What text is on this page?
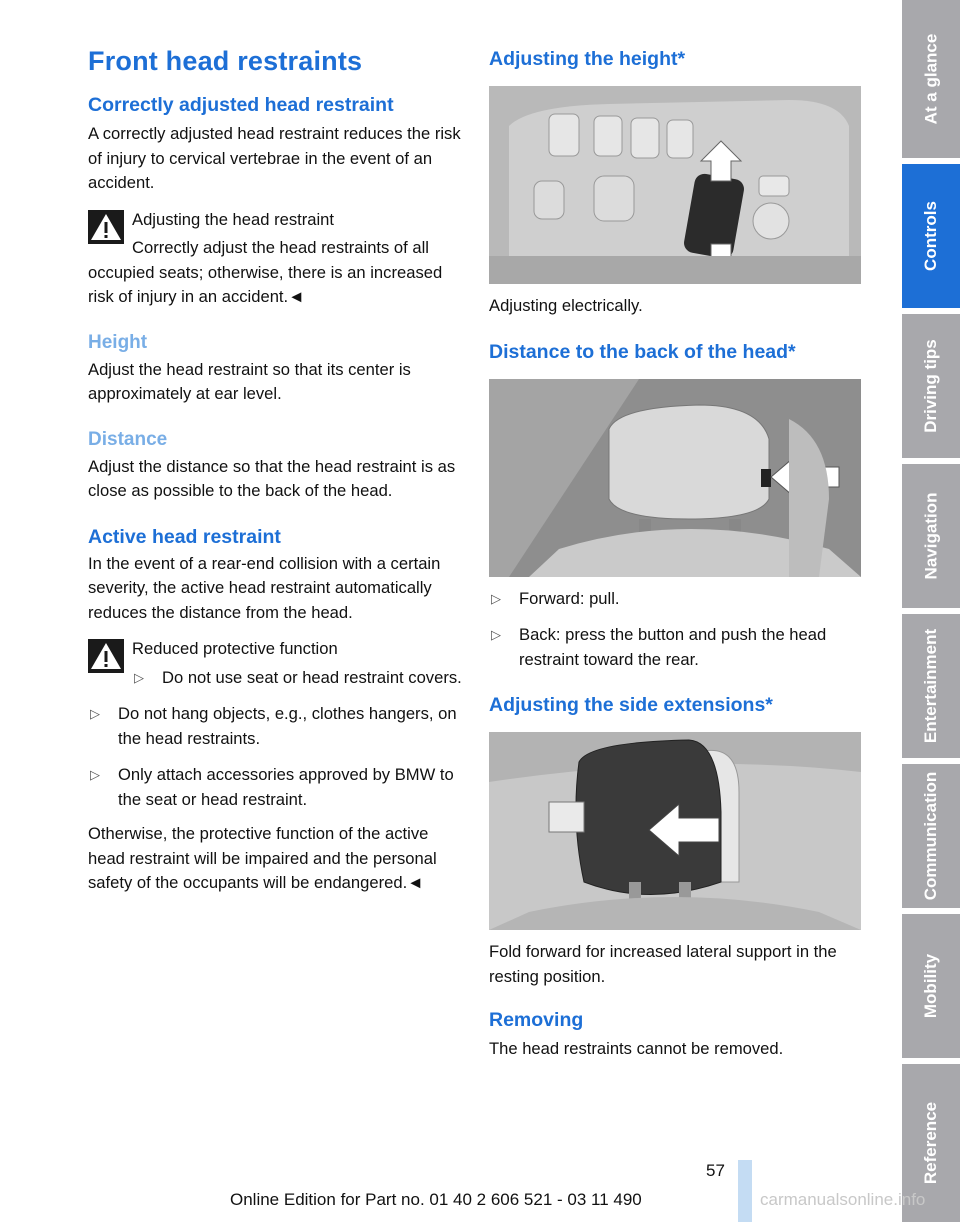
Front head restraints
Correctly adjusted head restraint

A correctly adjusted head restraint reduces the risk of injury to cervical vertebrae in the event of an accident.

Adjusting the head restraint

Correctly adjust the head restraints of all occupied seats; otherwise, there is an increased risk of injury in an accident.◄

Height

Adjust the head restraint so that its center is approximately at ear level.

Distance

Adjust the distance so that the head restraint is as close as possible to the back of the head.

Active head restraint

In the event of a rear-end collision with a certain severity, the active head restraint automatically reduces the distance from the head.

Reduced protective function

▷ Do not use seat or head restraint covers.
▷ Do not hang objects, e.g., clothes hangers, on the head restraints.
▷ Only attach accessories approved by BMW to the seat or head restraint.

Otherwise, the protective function of the active head restraint will be impaired and the personal safety of the occupants will be endangered.◄

Adjusting the height*

Adjusting electrically.

Distance to the back of the head*
▷ Forward: pull.
▷ Back: press the button and push the head restraint toward the rear.
Adjusting the side extensions*

Fold forward for increased lateral support in the resting position.

Removing

The head restraints cannot be removed.

At a glance
Controls
Driving tips
Navigation
Entertainment
Communication
Mobility
Reference
57
Online Edition for Part no. 01 40 2 606 521 - 03 11 490	carmanualsonline.info
